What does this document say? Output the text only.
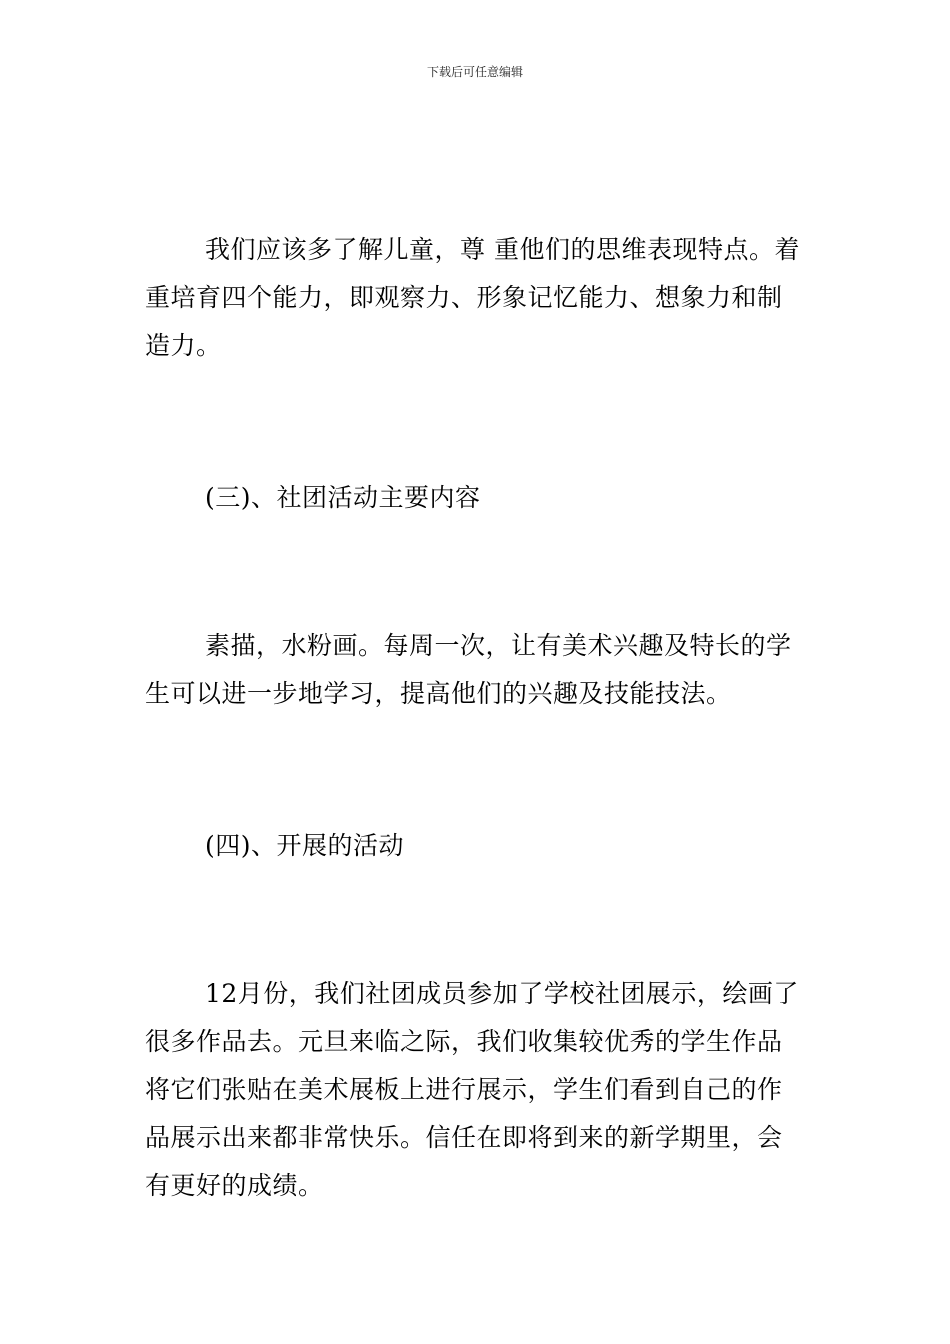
下载后可任意编辑

我们应该多了解儿童，尊 重他们的思维表现特点。着重培育四个能力，即观察力、形象记忆能力、想象力和制造力。

(三)、社团活动主要内容

素描，水粉画。每周一次，让有美术兴趣及特长的学生可以进一步地学习，提高他们的兴趣及技能技法。

(四)、开展的活动

12月份，我们社团成员参加了学校社团展示，绘画了很多作品去。元旦来临之际，我们收集较优秀的学生作品将它们张贴在美术展板上进行展示，学生们看到自己的作品展示出来都非常快乐。信任在即将到来的新学期里，会有更好的成绩。
